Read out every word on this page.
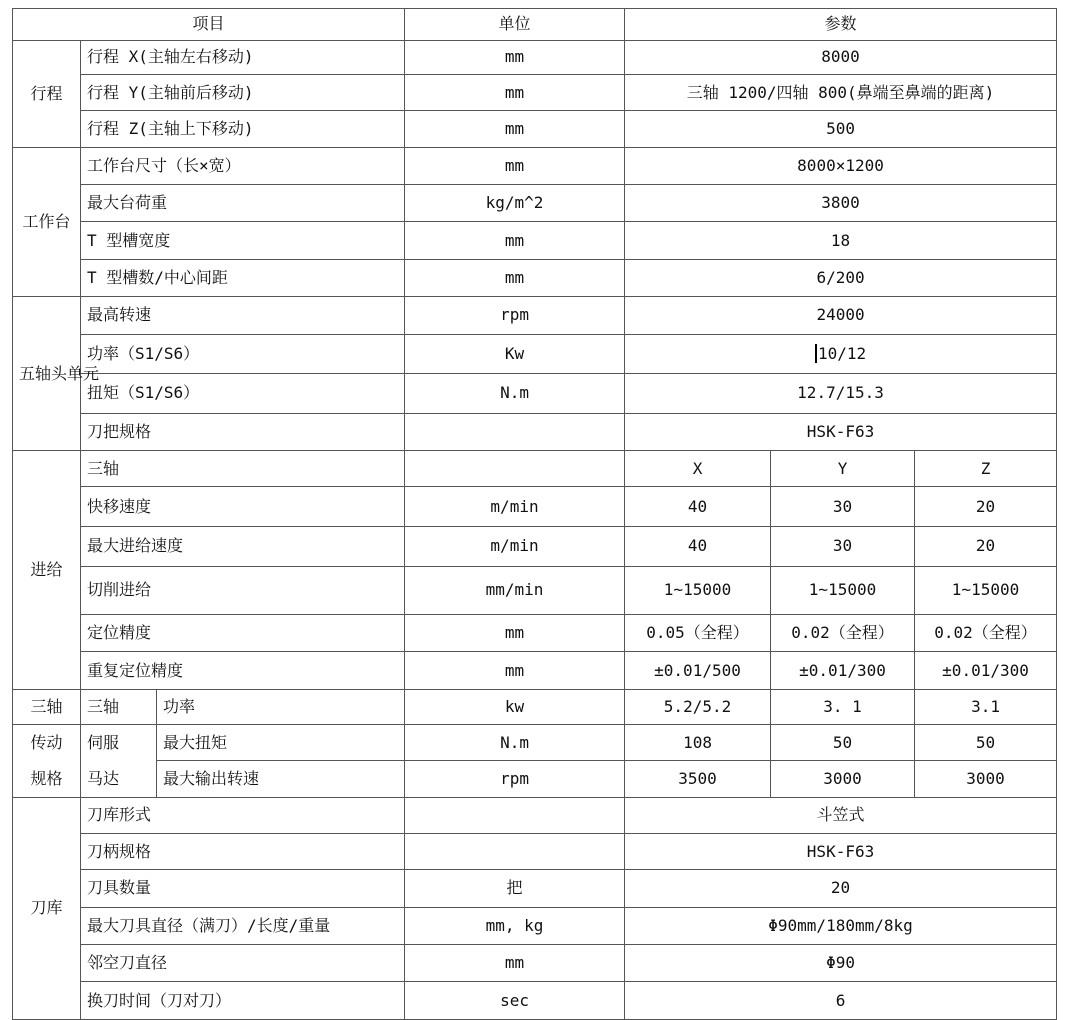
项目			单位	参数		
行程	行程 X(主轴左右移动)		mm	8000		
	行程 Y(主轴前后移动)		mm	三轴 1200/四轴 800(鼻端至鼻端的距离)		
	行程 Z(主轴上下移动)		mm	500		
工作台	工作台尺寸（长×宽）		mm	8000×1200		
	最大台荷重		kg/m^2	3800		
	T 型槽宽度		mm	18		
	T 型槽数/中心间距		mm	6/200		
五轴头单元	最高转速		rpm	24000		
	功率（S1/S6）		Kw	10/12		
	扭矩（S1/S6）		N.m	12.7/15.3		
	刀把规格			HSK-F63		
进给	三轴			X	Y	Z
	快移速度		m/min	40	30	20
	最大进给速度		m/min	40	30	20
	切削进给		mm/min	1~15000	1~15000	1~15000
	定位精度		mm	0.05（全程）	0.02（全程）	0.02（全程）
	重复定位精度		mm	±0.01/500	±0.01/300	±0.01/300
三轴	三轴	功率	kw	5.2/5.2	3. 1	3.1
传动	伺服	最大扭矩	N.m	108	50	50
规格	马达	最大输出转速	rpm	3500	3000	3000
刀库	刀库形式			斗笠式		
	刀柄规格			HSK-F63		
	刀具数量		把	20		
	最大刀具直径（满刀）/长度/重量		mm, kg	Φ90mm/180mm/8kg		
	邻空刀直径		mm	Φ90		
	换刀时间（刀对刀）		sec	6		
